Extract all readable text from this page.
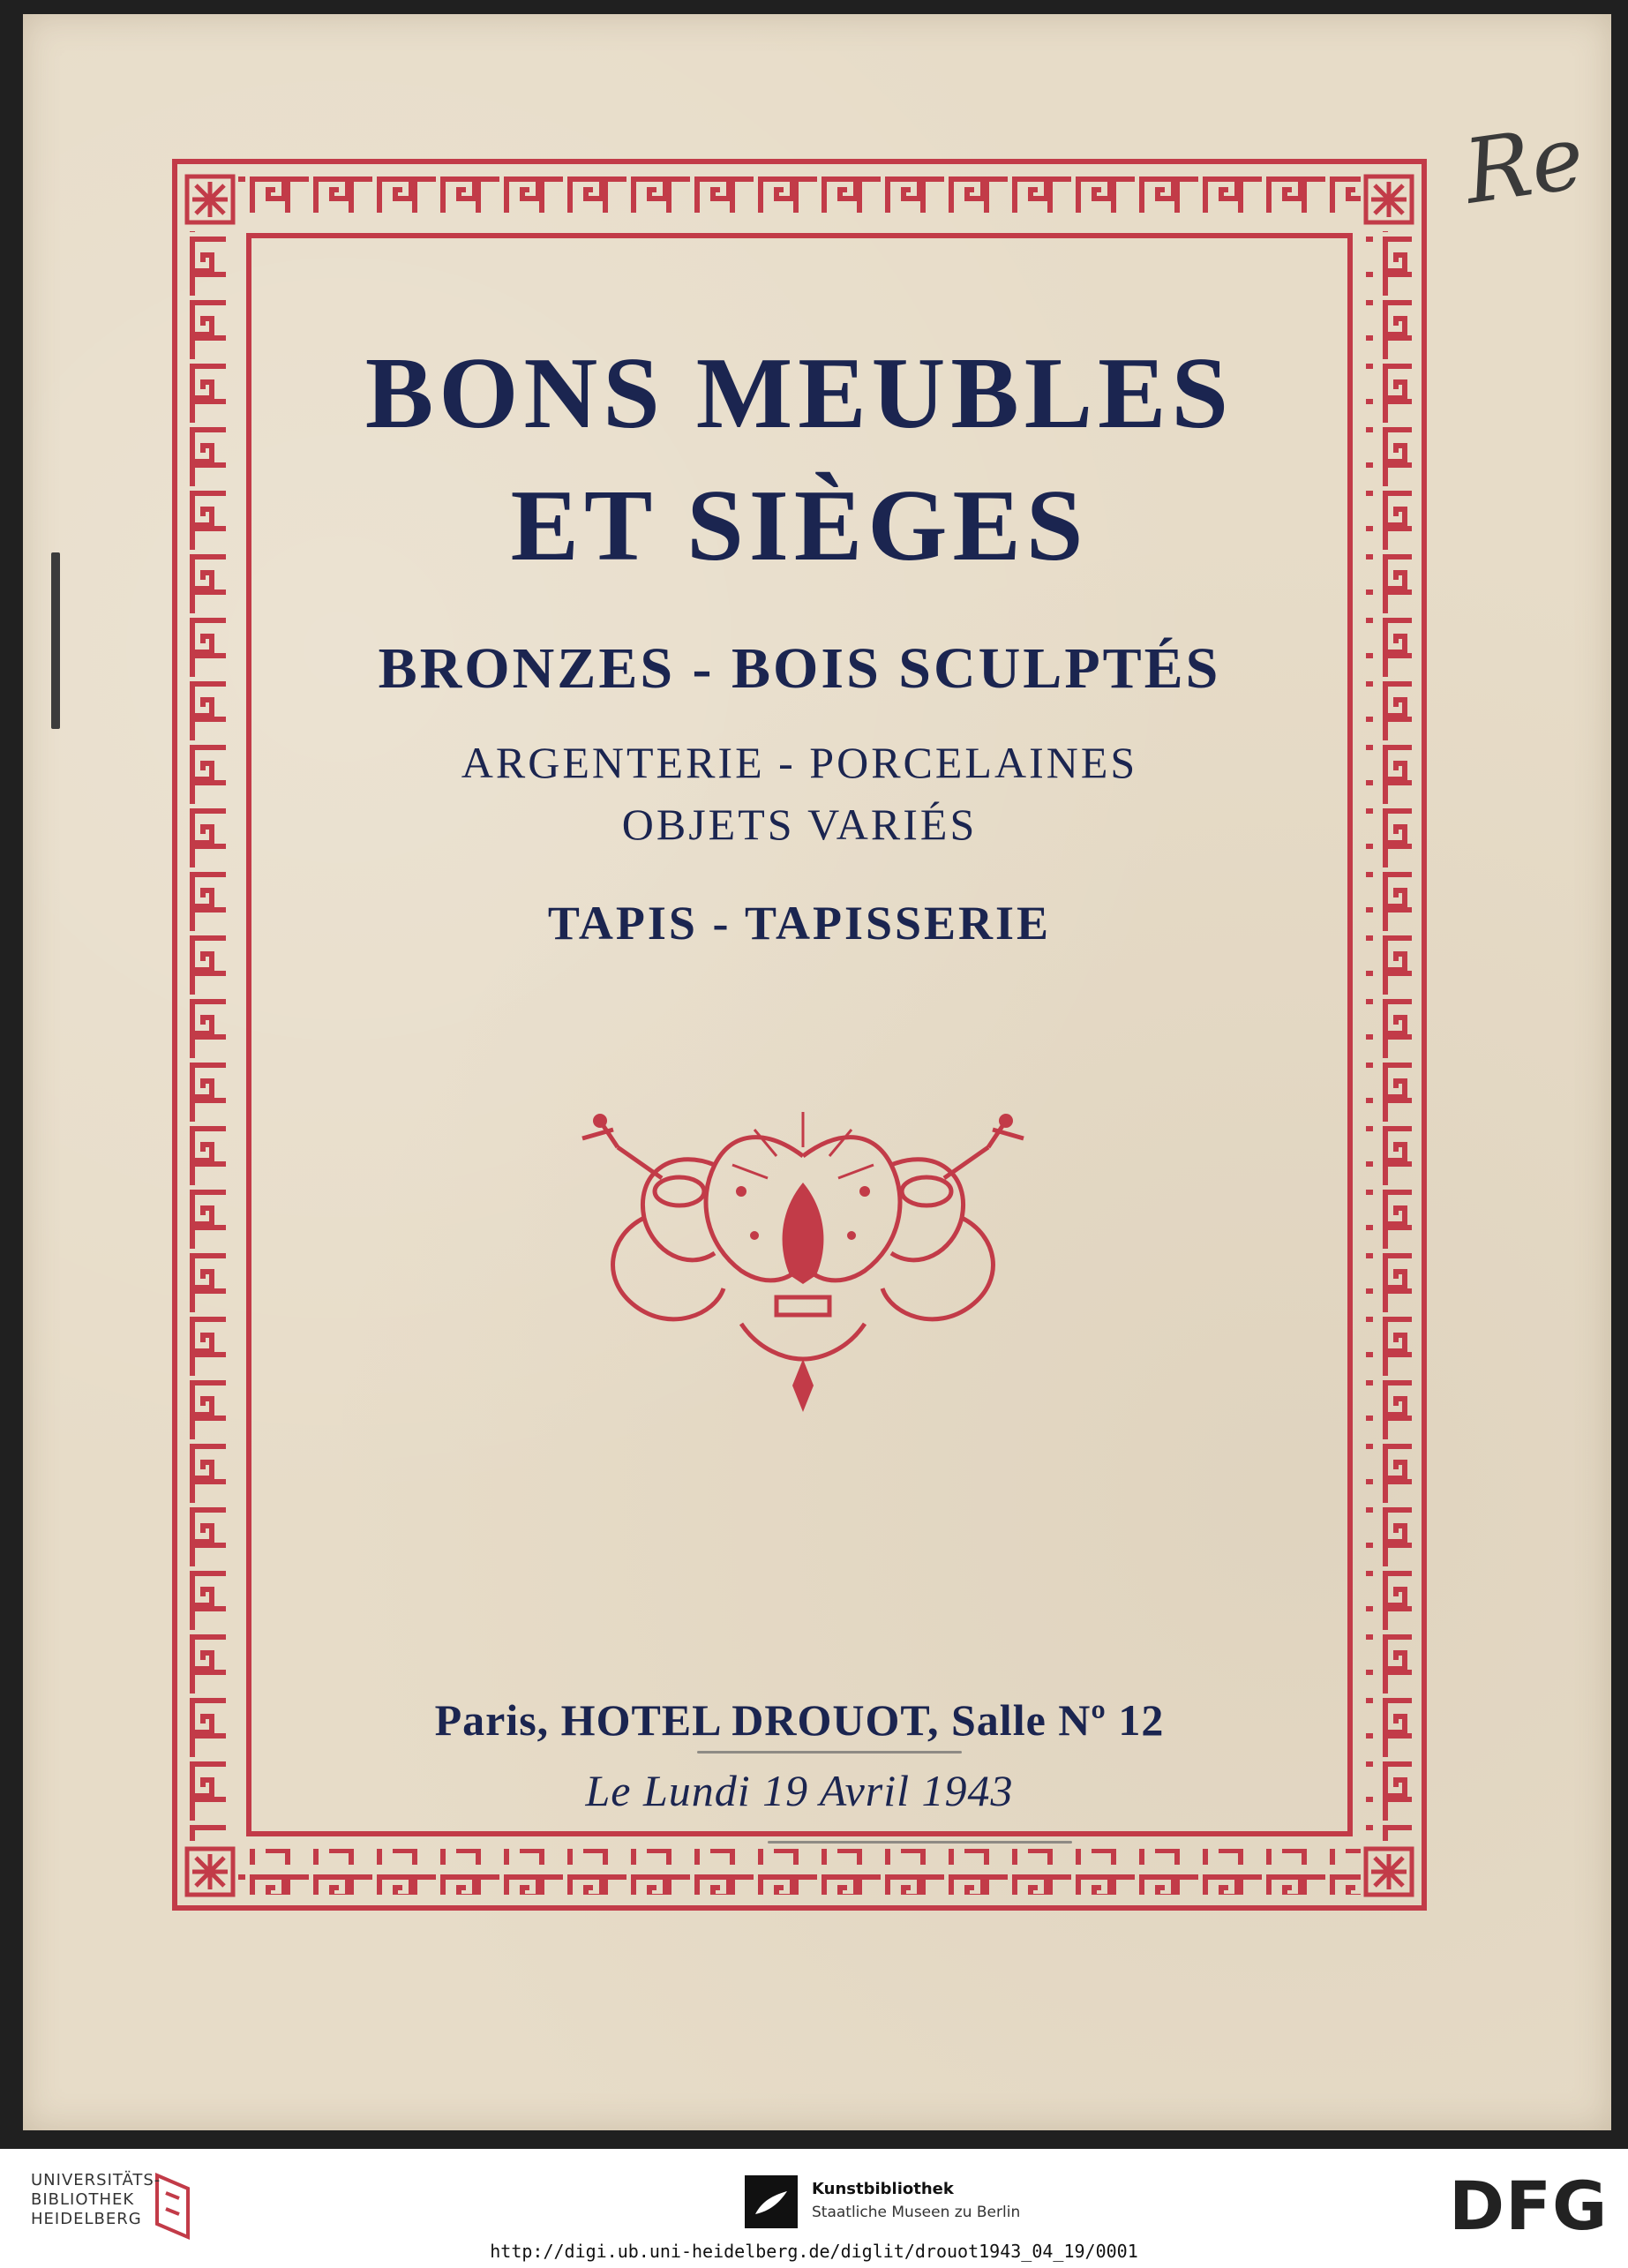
Re
BONS MEUBLES
ET SIÈGES
BRONZES - BOIS SCULPTÉS
ARGENTERIE - PORCELAINES
OBJETS VARIÉS
TAPIS - TAPISSERIE
Paris, HOTEL DROUOT, Salle Nº 12
Le Lundi 19 Avril 1943
UNIVERSITÄTS-
BIBLIOTHEK
HEIDELBERG
Kunstbibliothek
Staatliche Museen zu Berlin	DFG
http://digi.ub.uni-heidelberg.de/diglit/drouot1943_04_19/0001
